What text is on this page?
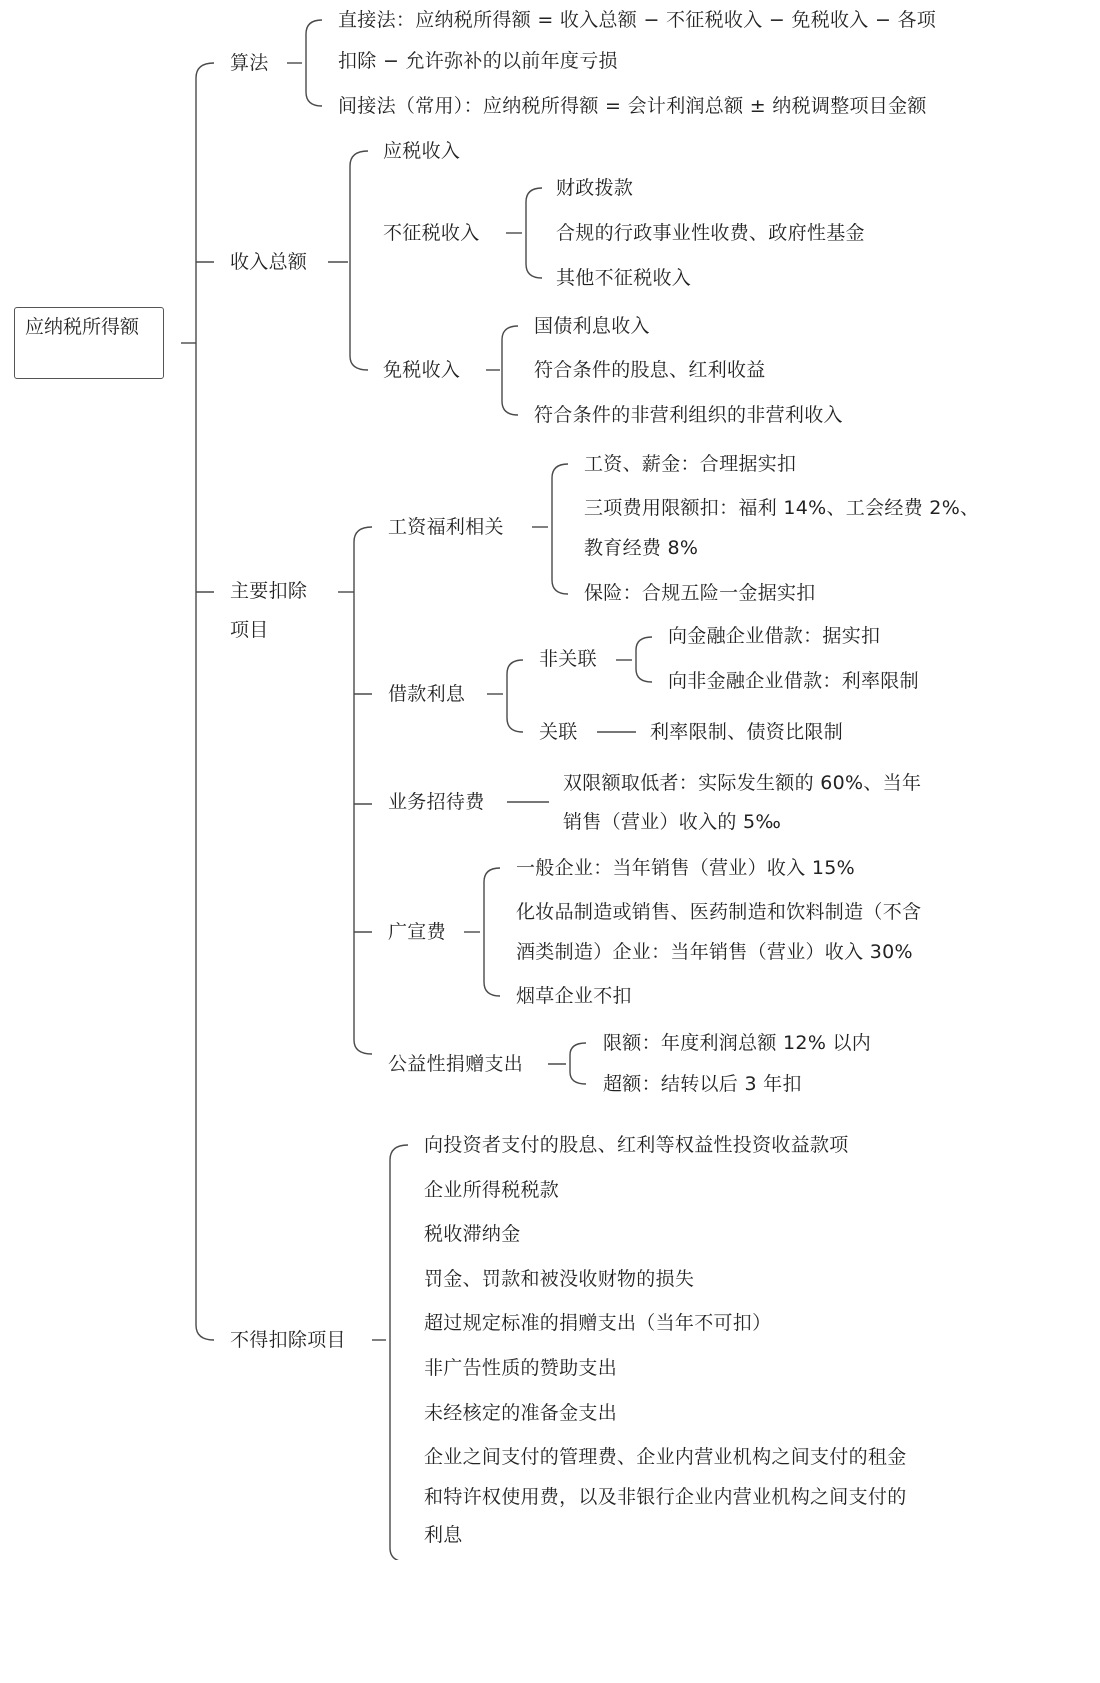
应纳税所得额
算法
直接法：应纳税所得额 = 收入总额 − 不征税收入 − 免税收入 − 各项
扣除 − 允许弥补的以前年度亏损
间接法（常用）：应纳税所得额 = 会计利润总额 ± 纳税调整项目金额
收入总额
应税收入
不征税收入
财政拨款
合规的行政事业性收费、政府性基金
其他不征税收入
免税收入
国债利息收入
符合条件的股息、红利收益
符合条件的非营利组织的非营利收入
主要扣除
项目
工资福利相关
工资、薪金：合理据实扣
三项费用限额扣：福利 14%、工会经费 2%、
教育经费 8%
保险：合规五险一金据实扣
借款利息
非关联
向金融企业借款：据实扣
向非金融企业借款：利率限制
关联	利率限制、债资比限制
业务招待费
双限额取低者：实际发生额的 60%、当年
销售（营业）收入的 5‰
广宣费
一般企业：当年销售（营业）收入 15%
化妆品制造或销售、医药制造和饮料制造（不含
酒类制造）企业：当年销售（营业）收入 30%
烟草企业不扣
公益性捐赠支出
限额：年度利润总额 12% 以内
超额：结转以后 3 年扣
不得扣除项目
向投资者支付的股息、红利等权益性投资收益款项
企业所得税税款
税收滞纳金
罚金、罚款和被没收财物的损失
超过规定标准的捐赠支出（当年不可扣）
非广告性质的赞助支出
未经核定的准备金支出
企业之间支付的管理费、企业内营业机构之间支付的租金
和特许权使用费，以及非银行企业内营业机构之间支付的
利息
